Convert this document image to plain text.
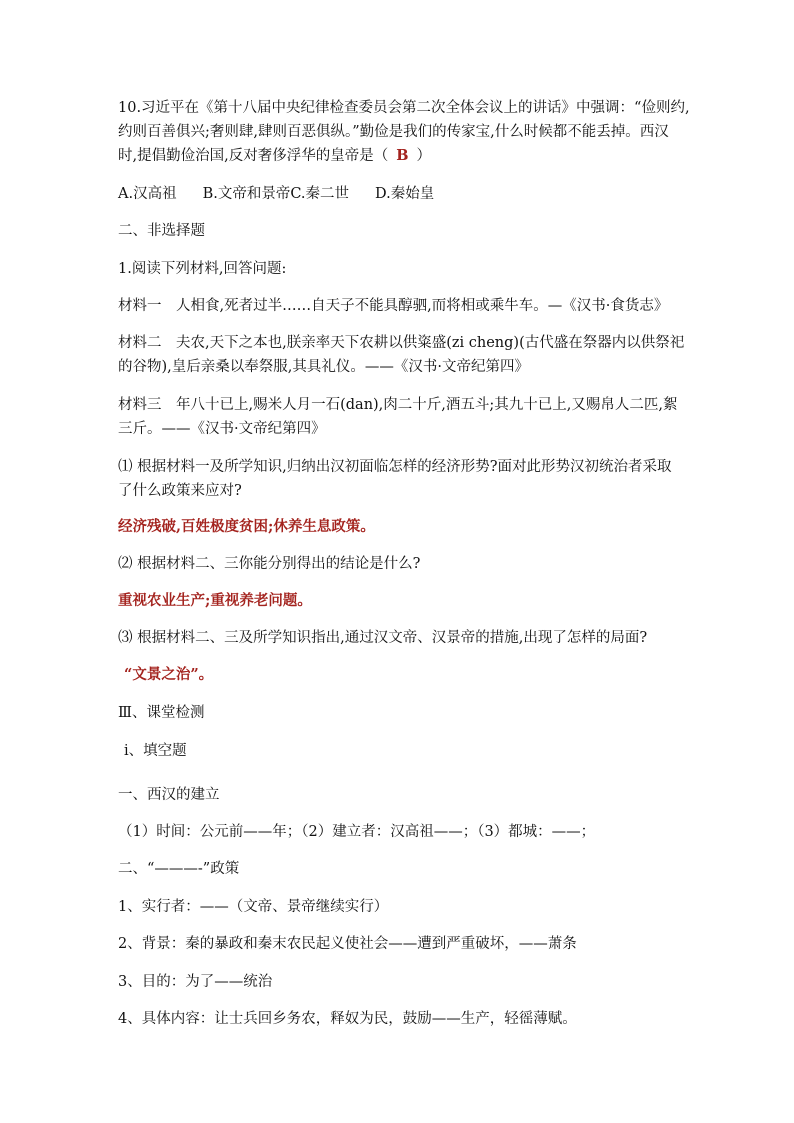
10.习近平在《第十八届中央纪律检查委员会第二次全体会议上的讲话》中强调：“俭则约,
约则百善俱兴;奢则肆,肆则百恶俱纵。”勤俭是我们的传家宝,什么时候都不能丢掉。西汉
时,提倡勤俭治国,反对奢侈浮华的皇帝是（ B ）
A.汉高祖 B.文帝和景帝C.秦二世 D.秦始皇
二、非选择题
1.阅读下列材料,回答问题:
材料一　人相食,死者过半……自天子不能具醇驷,而将相或乘牛车。—《汉书·食货志》
材料二　夫农,天下之本也,朕亲率天下农耕以供粢盛(zi cheng)(古代盛在祭器内以供祭祀
的谷物),皇后亲桑以奉祭服,其具礼仪。——《汉书·文帝纪第四》
材料三　年八十已上,赐米人月一石(dan),肉二十斤,酒五斗;其九十已上,又赐帛人二匹,絮
三斤。——《汉书·文帝纪第四》
⑴ 根据材料一及所学知识,归纳出汉初面临怎样的经济形势?面对此形势汉初统治者采取
了什么政策来应对?
经济残破,百姓极度贫困;休养生息政策。
⑵ 根据材料二、三你能分别得出的结论是什么?
重视农业生产;重视养老问题。
⑶ 根据材料二、三及所学知识指出,通过汉文帝、汉景帝的措施,出现了怎样的局面?
“文景之治”。
Ⅲ、课堂检测
ⅰ、填空题
一、西汉的建立
（1）时间：公元前——年；（2）建立者：汉高祖——；（3）都城：——；
二、“———-”政策
1、实行者：——（文帝、景帝继续实行）
2、背景：秦的暴政和秦末农民起义使社会——遭到严重破坏，——萧条
3、目的：为了——统治
4、具体内容：让士兵回乡务农，释奴为民，鼓励——生产，轻徭薄赋。
